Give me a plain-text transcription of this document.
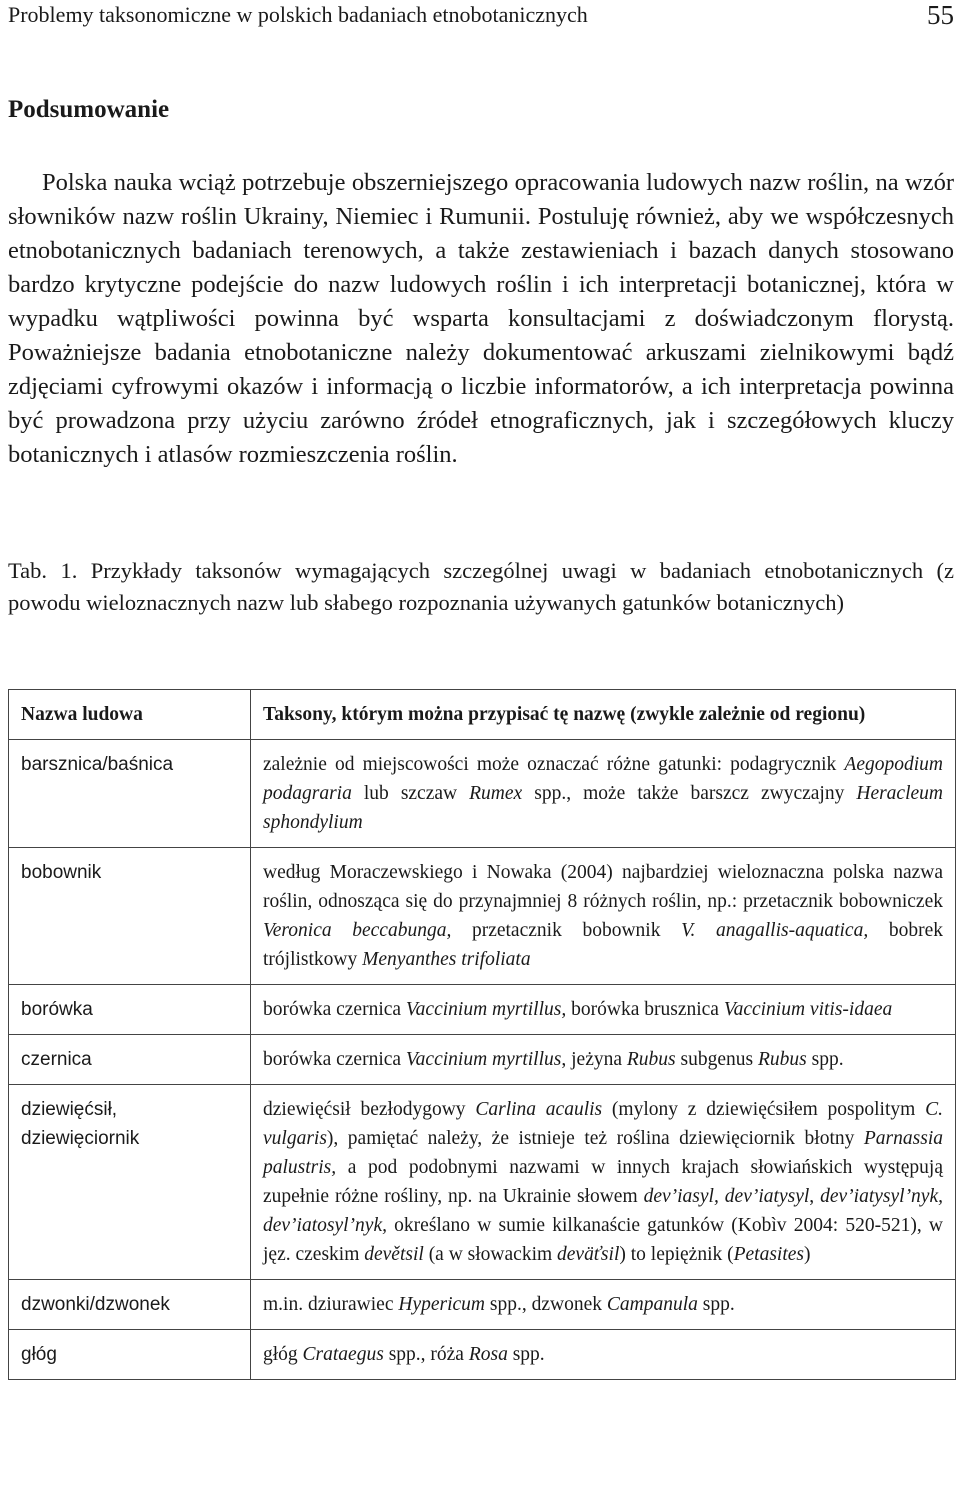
Problemy taksonomiczne w polskich badaniach etnobotanicznych	55
Podsumowanie

Polska nauka wciąż potrzebuje obszerniejszego opracowania ludowych nazw roślin, na wzór słowników nazw roślin Ukrainy, Niemiec i Rumunii. Postuluję również, aby we współczesnych etnobotanicznych badaniach terenowych, a także zestawieniach i bazach danych stosowano bardzo krytyczne podejście do nazw ludowych roślin i ich interpretacji botanicznej, która w wypadku wątpliwości powinna być wsparta konsultacjami z doświadczonym florystą. Poważniejsze badania etnobotaniczne należy dokumentować arkuszami zielnikowymi bądź zdjęciami cyfrowymi okazów i informacją o liczbie informatorów, a ich interpretacja powinna być prowadzona przy użyciu zarówno źródeł etnograficznych, jak i szczegółowych kluczy botanicznych i atlasów rozmieszczenia roślin.

Tab. 1. Przykłady taksonów wymagających szczególnej uwagi w badaniach etnobotanicznych (z powodu wieloznacznych nazw lub słabego rozpoznania używanych gatunków botanicznych)

Nazwa ludowa	Taksony, którym można przypisać tę nazwę (zwykle zależnie od regionu)
barsznica/baśnica	zależnie od miejscowości może oznaczać różne gatunki: podagrycznik Aegopodium podagraria lub szczaw Rumex spp., może także barszcz zwyczajny Heracleum sphondylium
bobownik	według Moraczewskiego i Nowaka (2004) najbardziej wieloznaczna polska nazwa roślin, odnosząca się do przynajmniej 8 różnych roślin, np.: przetacznik bobowniczek Veronica beccabunga, przetacznik bobownik V. anagallis-aquatica, bobrek trójlistkowy Menyanthes trifoliata
borówka	borówka czernica Vaccinium myrtillus, borówka brusznica Vaccinium vitis-idaea
czernica	borówka czernica Vaccinium myrtillus, jeżyna Rubus subgenus Rubus spp.
dziewięćsił, dziewięciornik	dziewięćsił bezłodygowy Carlina acaulis (mylony z dziewięćsiłem pospolitym C. vulgaris), pamiętać należy, że istnieje też roślina dziewięciornik błotny Parnassia palustris, a pod podobnymi nazwami w innych krajach słowiańskich występują zupełnie różne rośliny, np. na Ukrainie słowem dev’iasyl, dev’iatysyl, dev’iatysyl’nyk, dev’iatosyl’nyk, określano w sumie kilkanaście gatunków (Kobìv 2004: 520-521), w jęz. czeskim devětsil (a w słowackim deväťsil) to lepiężnik (Petasites)
dzwonki/dzwonek	m.in. dziurawiec Hypericum spp., dzwonek Campanula spp.
głóg	głóg Crataegus spp., róża Rosa spp.
